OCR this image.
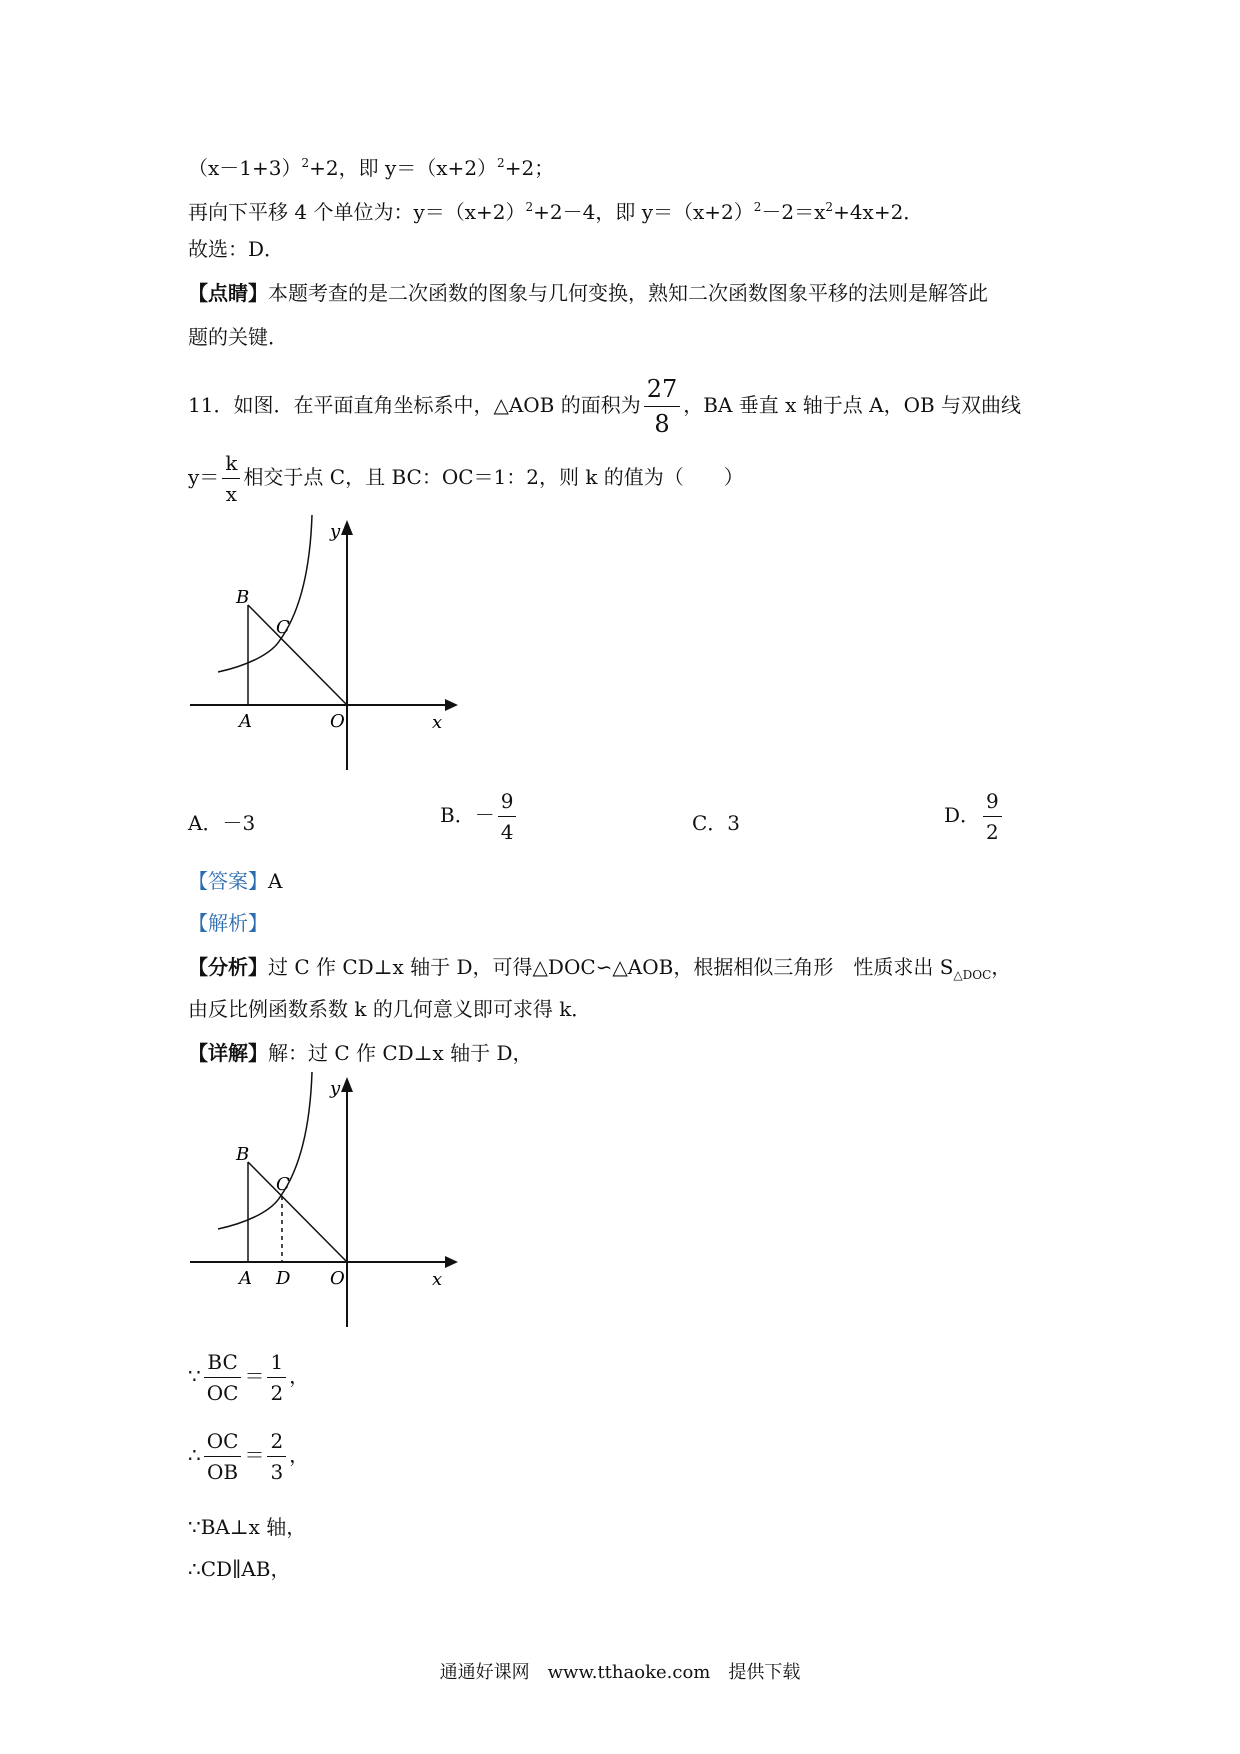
$(x-1+3)^2+2$，即 $y=(x+2)^2+2$；
再向下平移 4 个单位为：$y=(x+2)^2+2-4$，即 $y=(x+2)^2-2=x^2+4x+2$．
故选：D．
【点睛】本题考查的是二次函数的图象与几何变换，熟知二次函数图象平移的法则是解答此
题的关键．
11．如图．在平面直角坐标系中，△AOB 的面积为 $\frac{27}{8}$ ，BA 垂直 x 轴于点 A，OB 与双曲线
$y= \frac{k}{x}$ 相交于点 C，且 BC：OC＝1：2，则 k 的值为（　　）
y
x
B
C
A	O
A．－3	B．－ $\frac{9}{4}$	C．3	D． $\frac{9}{2}$
【答案】A
【解析】
【分析】过 C 作 CD⊥x 轴于 D，可得△DOC∽△AOB，根据相似三角形　性质求出 $S_{\triangle DOC}$，
由反比例函数系数 k 的几何意义即可求得 k．
【详解】解：过 C 作 CD⊥x 轴于 D，
y
x
B
C
A D O
∵ $\frac{BC}{OC} = \frac{1}{2}$ ，
∴ $\frac{OC}{OB} = \frac{2}{3}$ ，
∵BA⊥x 轴，
∴CD∥AB，
通通好课网　www.tthaoke.com　提供下载
